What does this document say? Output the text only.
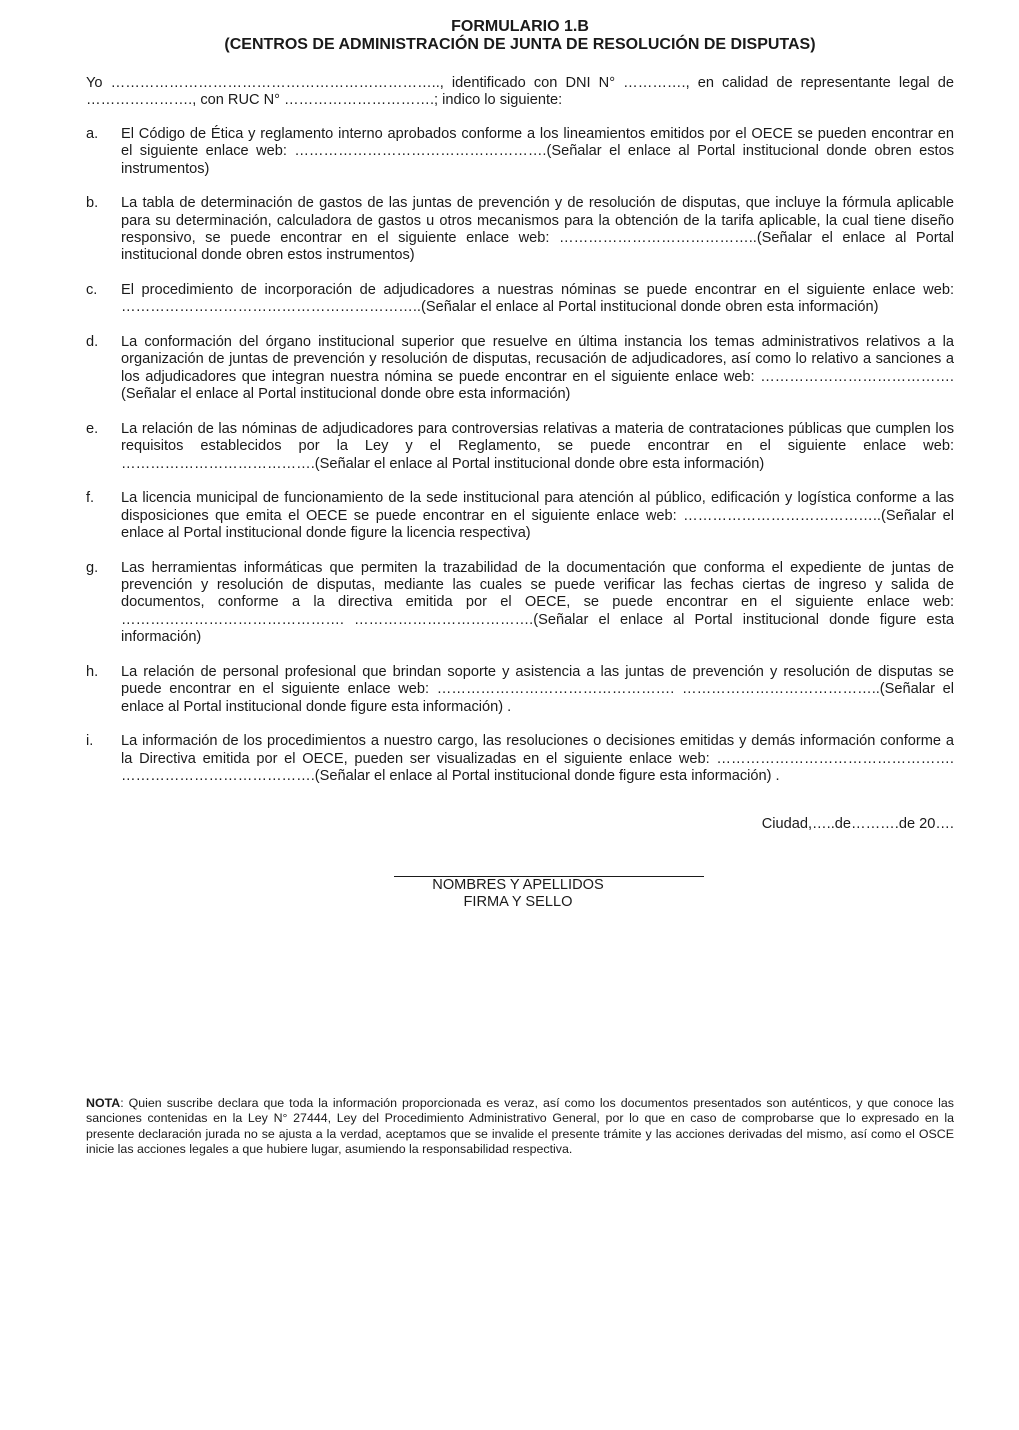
FORMULARIO 1.B
(CENTROS DE ADMINISTRACIÓN DE JUNTA DE RESOLUCIÓN DE DISPUTAS)
Yo ………………………………………………………….., identificado con DNI N° …………., en calidad de representante legal de …………………., con RUC N° ………………………….; indico lo siguiente:
a.	El Código de Ética y reglamento interno aprobados conforme a los lineamientos emitidos por el OECE se pueden encontrar en el siguiente enlace web: …………………………………………….(Señalar el enlace al Portal institucional donde obren estos instrumentos)
b.	La tabla de determinación de gastos de las juntas de prevención y de resolución de disputas, que incluye la fórmula aplicable para su determinación, calculadora de gastos u otros mecanismos para la obtención de la tarifa aplicable, la cual tiene diseño responsivo, se puede encontrar en el siguiente enlace web: …………………………………..(Señalar el enlace al Portal institucional donde obren estos instrumentos)
c.	El procedimiento de incorporación de adjudicadores a nuestras nóminas se puede encontrar en el siguiente enlace web: ……………………………………………………..(Señalar el enlace al Portal institucional donde obren esta información)
d.	La conformación del órgano institucional superior que resuelve en última instancia los temas administrativos relativos a la organización de juntas de prevención y resolución de disputas, recusación de adjudicadores, así como lo relativo a sanciones a los adjudicadores que integran nuestra nómina se puede encontrar en el siguiente enlace web: ………………………………….(Señalar el enlace al Portal institucional donde obre esta información)
e.	La relación de las nóminas de adjudicadores para controversias relativas a materia de contrataciones públicas que cumplen los requisitos establecidos por la Ley y el Reglamento, se puede encontrar en el siguiente enlace web: ………………………………….(Señalar el enlace al Portal institucional donde obre esta información)
f.	La licencia municipal de funcionamiento de la sede institucional para atención al público, edificación y logística conforme a las disposiciones que emita el OECE se puede encontrar en el siguiente enlace web: …………………………………..(Señalar el enlace al Portal institucional donde figure la licencia respectiva)
g.	Las herramientas informáticas que permiten la trazabilidad de la documentación que conforma el expediente de juntas de prevención y resolución de disputas, mediante las cuales se puede verificar las fechas ciertas de ingreso y salida de documentos, conforme a la directiva emitida por el OECE, se puede encontrar en el siguiente enlace web: ………………………………………. ……………………………….(Señalar el enlace al Portal institucional donde figure esta información)
h.	La relación de personal profesional que brindan soporte y asistencia a las juntas de prevención y resolución de disputas se puede encontrar en el siguiente enlace web: …………………………………………. …………………………………..(Señalar el enlace al Portal institucional donde figure esta información) .
i.	La información de los procedimientos a nuestro cargo, las resoluciones o decisiones emitidas y demás información conforme a la Directiva emitida por el OECE, pueden ser visualizadas en el siguiente enlace web: …………………………………………. ………………………………….(Señalar el enlace al Portal institucional donde figure esta información) .
Ciudad,…..de……….de 20….
NOMBRES Y APELLIDOS
FIRMA Y SELLO
NOTA: Quien suscribe declara que toda la información proporcionada es veraz, así como los documentos presentados son auténticos, y que conoce las sanciones contenidas en la Ley N° 27444, Ley del Procedimiento Administrativo General, por lo que en caso de comprobarse que lo expresado en la presente declaración jurada no se ajusta a la verdad, aceptamos que se invalide el presente trámite y las acciones derivadas del mismo, así como el OSCE inicie las acciones legales a que hubiere lugar, asumiendo la responsabilidad respectiva.
